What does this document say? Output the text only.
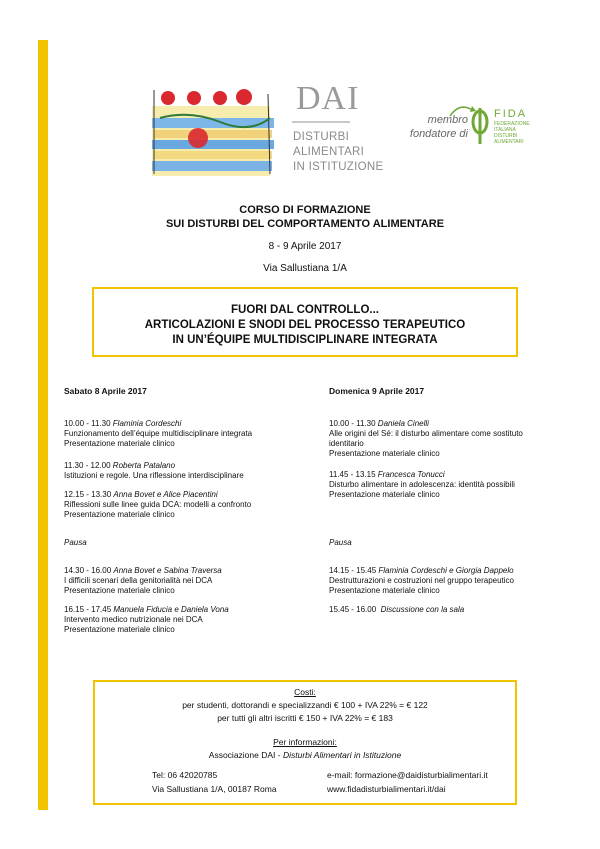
DAI
DISTURBI
ALIMENTARI
IN ISTITUZIONE
membro
fondatore di
FIDA
FEDERAZIONE
ITALIANA
DISTURBI
ALIMENTARI
CORSO DI FORMAZIONE
SUI DISTURBI DEL COMPORTAMENTO ALIMENTARE
8 - 9 Aprile 2017
Via Sallustiana 1/A
FUORI DAL CONTROLLO...
ARTICOLAZIONI E SNODI DEL PROCESSO TERAPEUTICO
IN UN’ÉQUIPE MULTIDISCIPLINARE INTEGRATA
Sabato 8 Aprile 2017
10.00 - 11.30 Flaminia Cordeschi
Funzionamento dell’équipe multidisciplinare integrata
Presentazione materiale clinico
11.30 - 12.00 Roberta Patalano
Istituzioni e regole. Una riflessione interdisciplinare
12.15 - 13.30 Anna Bovet e Alice Piacentini
Riflessioni sulle linee guida DCA: modelli a confronto
Presentazione materiale clinico
Pausa
14.30 - 16.00 Anna Bovet e Sabina Traversa
I difficili scenari della genitorialità nei DCA
Presentazione materiale clinico
16.15 - 17.45 Manuela Fiducia e Daniela Vona
Intervento medico nutrizionale nei DCA
Presentazione materiale clinico
Domenica 9 Aprile 2017
10.00 - 11.30 Daniela Cinelli
Alle origini del Sé: il disturbo alimentare come sostituto
identitario
Presentazione materiale clinico
11.45 - 13.15 Francesca Tonucci
Disturbo alimentare in adolescenza: identità possibili
Presentazione materiale clinico
Pausa
14.15 - 15.45 Flaminia Cordeschi e Giorgia Dappelo
Destrutturazioni e costruzioni nel gruppo terapeutico
Presentazione materiale clinico
15.45 - 16.00 Discussione con la sala
Costi:
per studenti, dottorandi e specializzandi € 100 + IVA 22% = € 122
per tutti gli altri iscritti € 150 + IVA 22% = € 183
Per informazioni:
Associazione DAI - Disturbi Alimentari in Istituzione
Tel: 06 42020785
Via Sallustiana 1/A, 00187 Roma
e-mail: formazione@daidisturbialimentari.it
www.fidadisturbialimentari.it/dai
